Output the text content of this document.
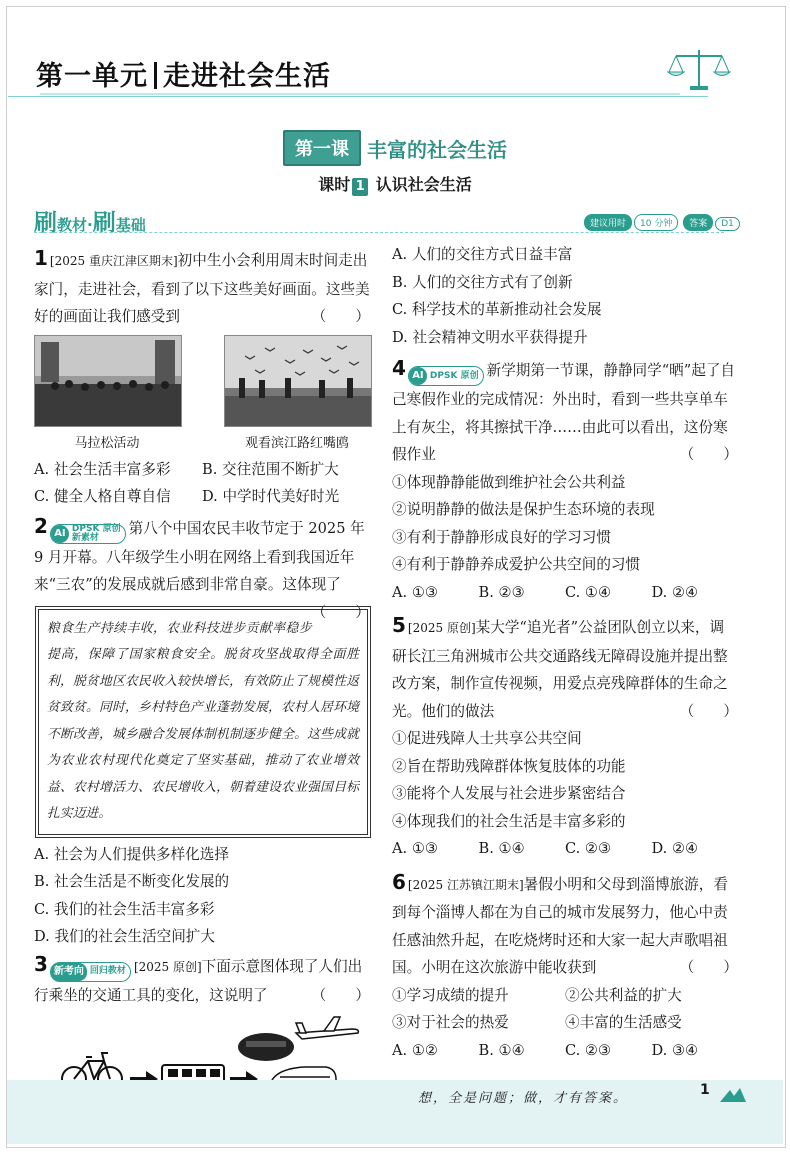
第一单元 走进社会生活
第一课 丰富的社会生活
课时 1 认识社会生活
刷教材·刷基础	建议用时 10 分钟 答案 D1
1 [2025 重庆江津区期末]初中生小会利用周末时间走出家门，走进社会，看到了以下这些美好画面。这些美好的画面让我们感受到	（　　）
马拉松活动	观看滨江路红嘴鸥
A. 社会生活丰富多彩	B. 交往范围不断扩大
C. 健全人格自尊自信	D. 中学时代美好时光
2 AI DPSK 原创
新素材
第八个中国农民丰收节定于 2025 年 9 月开幕。八年级学生小明在网络上看到我国近年来“三农”的发展成就后感到非常自豪。这体现了
（　　）
粮食生产持续丰收，农业科技进步贡献率稳步提高，保障了国家粮食安全。脱贫攻坚战取得全面胜利，脱贫地区农民收入较快增长，有效防止了规模性返贫致贫。同时，乡村特色产业蓬勃发展，农村人居环境不断改善，城乡融合发展体制机制逐步健全。这些成就为农业农村现代化奠定了坚实基础，推动了农业增效益、农村增活力、农民增收入，朝着建设农业强国目标扎实迈进。
A. 社会为人们提供多样化选择
B. 社会生活是不断变化发展的
C. 我们的社会生活丰富多彩
D. 我们的社会生活空间扩大
3 新考向 回归教材 [2025 原创]下面示意图体现了人们出行乘坐的交通工具的变化，这说明了	（　　）
A. 人们的交往方式日益丰富
B. 人们的交往方式有了创新
C. 科学技术的革新推动社会发展
D. 社会精神文明水平获得提升
4 AI DPSK 原创 新学期第一节课，静静同学“晒”起了自己寒假作业的完成情况：外出时，看到一些共享单车上有灰尘，将其擦拭干净……由此可以看出，这份寒假作业	（　　）
①体现静静能做到维护社会公共利益
②说明静静的做法是保护生态环境的表现
③有利于静静形成良好的学习习惯
④有利于静静养成爱护公共空间的习惯
A. ①③	B. ②③	C. ①④	D. ②④
5 [2025 原创]某大学“追光者”公益团队创立以来，调研长江三角洲城市公共交通路线无障碍设施并提出整改方案，制作宣传视频，用爱点亮残障群体的生命之光。他们的做法	（　　）
①促进残障人士共享公共空间
②旨在帮助残障群体恢复肢体的功能
③能将个人发展与社会进步紧密结合
④体现我们的社会生活是丰富多彩的
A. ①③	B. ①④	C. ②③	D. ②④
6 [2025 江苏镇江期末]暑假小明和父母到淄博旅游，看到每个淄博人都在为自己的城市发展努力，他心中责任感油然升起，在吃烧烤时还和大家一起大声歌唱祖国。小明在这次旅游中能收获到	（　　）
①学习成绩的提升	②公共利益的扩大
③对于社会的热爱	④丰富的生活感受
A. ①②	B. ①④	C. ②③	D. ③④
想，全是问题；做，才有答案。
1
